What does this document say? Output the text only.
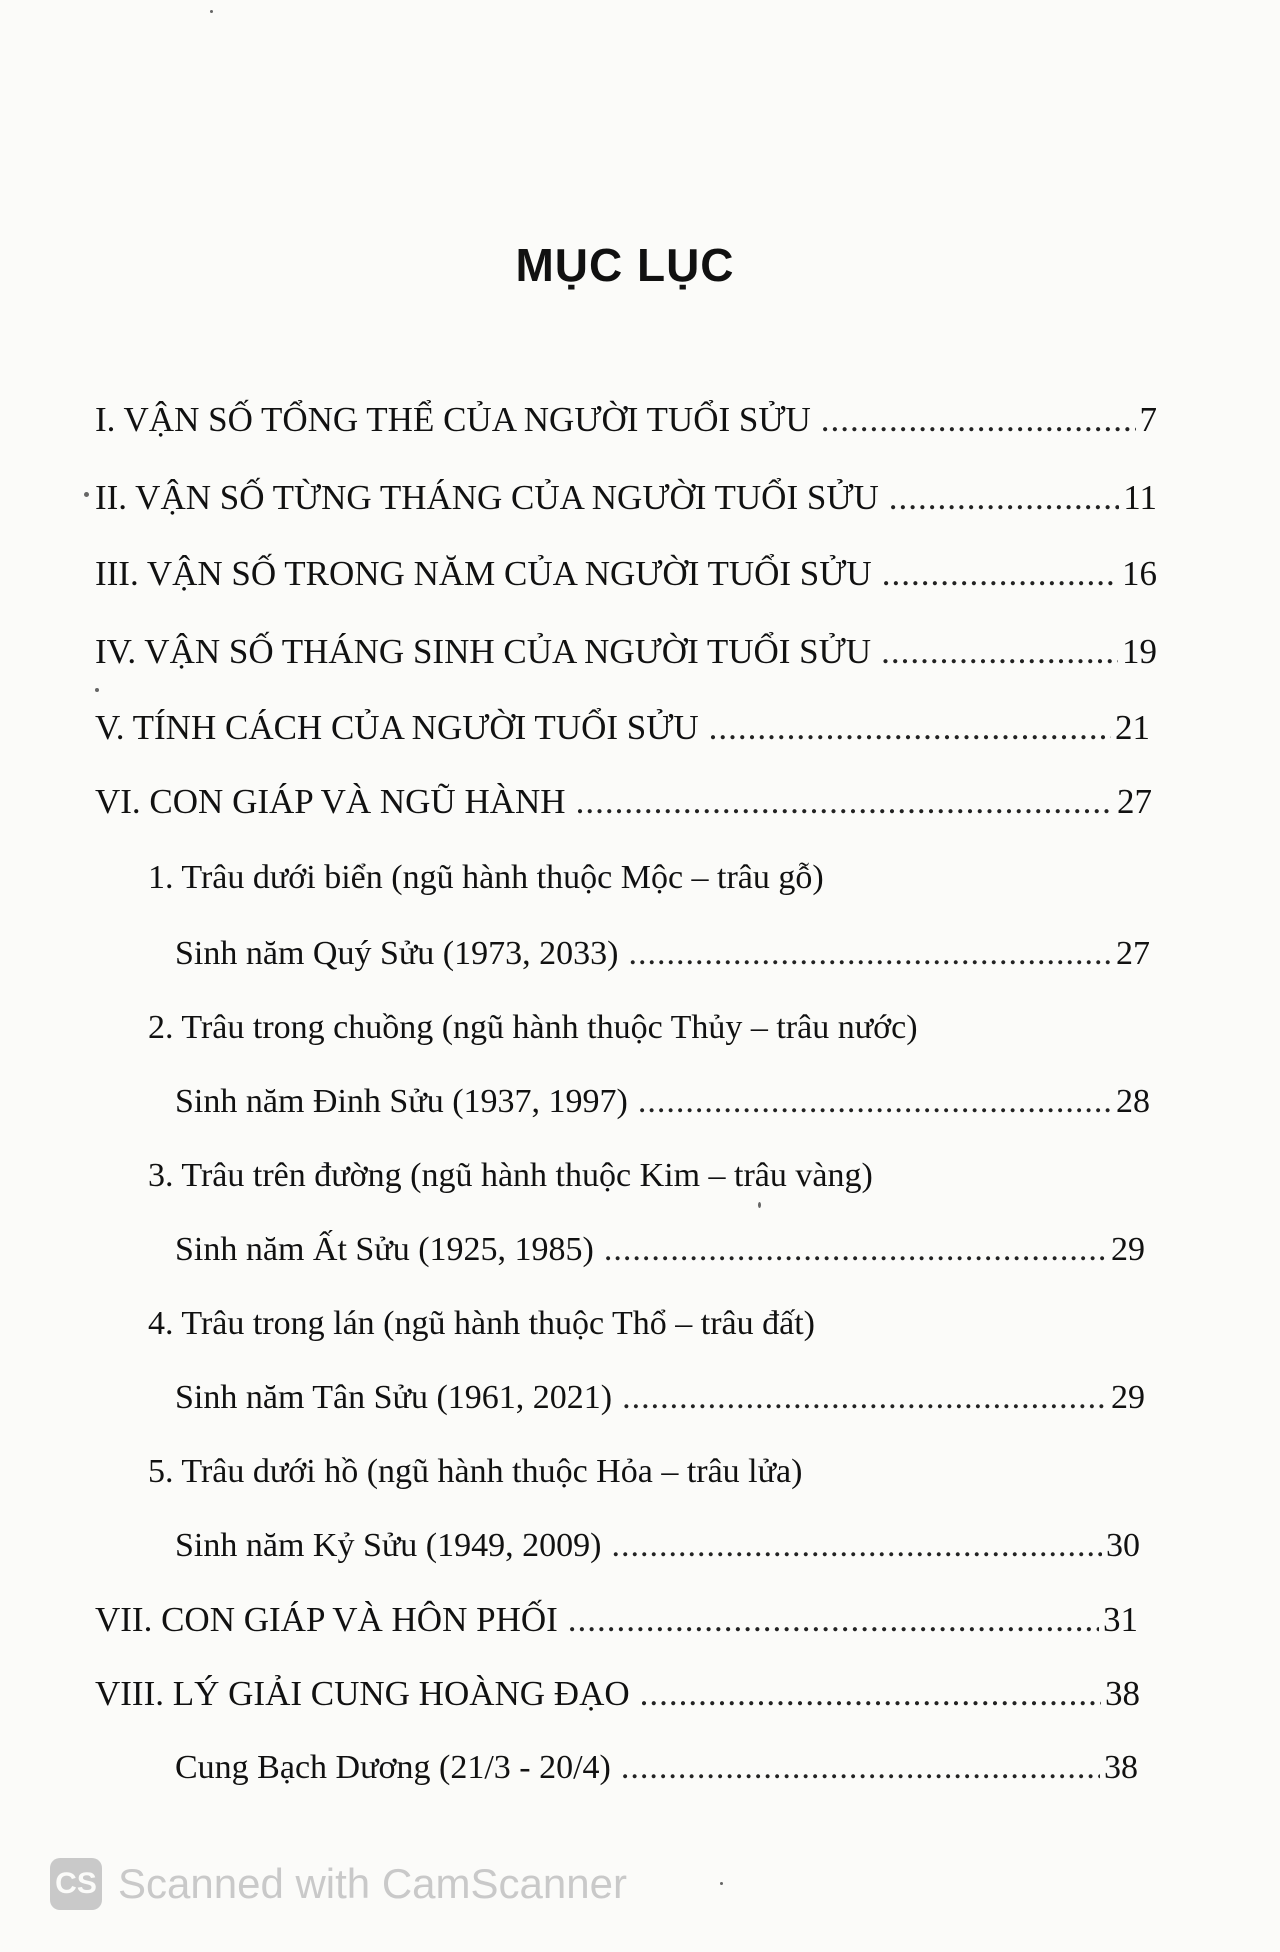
MỤC LỤC
I. VẬN SỐ TỔNG THỂ CỦA NGƯỜI TUỔI SỬU .....	7
II. VẬN SỐ TỪNG THÁNG CỦA NGƯỜI TUỔI SỬU .....	11
III. VẬN SỐ TRONG NĂM CỦA NGƯỜI TUỔI SỬU .....	16
IV. VẬN SỐ THÁNG SINH CỦA NGƯỜI TUỔI SỬU .....	19
V. TÍNH CÁCH CỦA NGƯỜI TUỔI SỬU .....	21
VI. CON GIÁP VÀ NGŨ HÀNH .....	27
1. Trâu dưới biển (ngũ hành thuộc Mộc – trâu gỗ)
Sinh năm Quý Sửu (1973, 2033) .....	27
2. Trâu trong chuồng (ngũ hành thuộc Thủy – trâu nước)
Sinh năm Đinh Sửu (1937, 1997) .....	28
3. Trâu trên đường (ngũ hành thuộc Kim – trâu vàng)
Sinh năm Ất Sửu (1925, 1985) .....	29
4. Trâu trong lán (ngũ hành thuộc Thổ – trâu đất)
Sinh năm Tân Sửu (1961, 2021) .....	29
5. Trâu dưới hồ (ngũ hành thuộc Hỏa – trâu lửa)
Sinh năm Kỷ Sửu (1949, 2009) .....	30
VII. CON GIÁP VÀ HÔN PHỐI .....	31
VIII. LÝ GIẢI CUNG HOÀNG ĐẠO .....	38
Cung Bạch Dương (21/3 - 20/4) .....	38
CS Scanned with CamScanner
